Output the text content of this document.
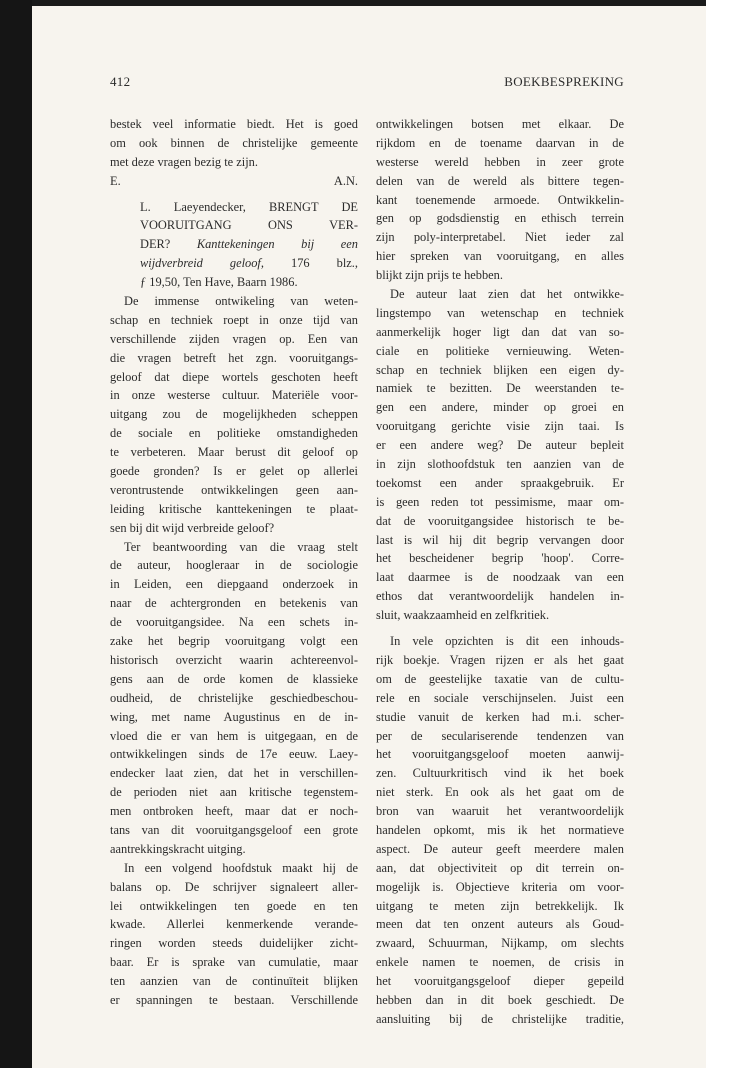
412	BOEKBESPREKING
bestek veel informatie biedt. Het is goed
om ook binnen de christelijke gemeente
met deze vragen bezig te zijn.
E.	A.N.
L. Laeyendecker, BRENGT DE
VOORUITGANG ONS VER-
DER? Kanttekeningen bij een
wijdverbreid geloof, 176 blz.,
ƒ 19,50, Ten Have, Baarn 1986.
De immense ontwikeling van weten-
schap en techniek roept in onze tijd van
verschillende zijden vragen op. Een van
die vragen betreft het zgn. vooruitgangs-
geloof dat diepe wortels geschoten heeft
in onze westerse cultuur. Materiële voor-
uitgang zou de mogelijkheden scheppen
de sociale en politieke omstandigheden
te verbeteren. Maar berust dit geloof op
goede gronden? Is er gelet op allerlei
verontrustende ontwikkelingen geen aan-
leiding kritische kanttekeningen te plaat-
sen bij dit wijd verbreide geloof?
Ter beantwoording van die vraag stelt
de auteur, hoogleraar in de sociologie
in Leiden, een diepgaand onderzoek in
naar de achtergronden en betekenis van
de vooruitgangsidee. Na een schets in-
zake het begrip vooruitgang volgt een
historisch overzicht waarin achtereenvol-
gens aan de orde komen de klassieke
oudheid, de christelijke geschiedbeschou-
wing, met name Augustinus en de in-
vloed die er van hem is uitgegaan, en de
ontwikkelingen sinds de 17e eeuw. Laey-
endecker laat zien, dat het in verschillen-
de perioden niet aan kritische tegenstem-
men ontbroken heeft, maar dat er noch-
tans van dit vooruitgangsgeloof een grote
aantrekkingskracht uitging.
In een volgend hoofdstuk maakt hij de
balans op. De schrijver signaleert aller-
lei ontwikkelingen ten goede en ten
kwade. Allerlei kenmerkende verande-
ringen worden steeds duidelijker zicht-
baar. Er is sprake van cumulatie, maar
ten aanzien van de continuïteit blijken
er spanningen te bestaan. Verschillende
ontwikkelingen botsen met elkaar. De
rijkdom en de toename daarvan in de
westerse wereld hebben in zeer grote
delen van de wereld als bittere tegen-
kant toenemende armoede. Ontwikkelin-
gen op godsdienstig en ethisch terrein
zijn poly-interpretabel. Niet ieder zal
hier spreken van vooruitgang, en alles
blijkt zijn prijs te hebben.
De auteur laat zien dat het ontwikke-
lingstempo van wetenschap en techniek
aanmerkelijk hoger ligt dan dat van so-
ciale en politieke vernieuwing. Weten-
schap en techniek blijken een eigen dy-
namiek te bezitten. De weerstanden te-
gen een andere, minder op groei en
vooruitgang gerichte visie zijn taai. Is
er een andere weg? De auteur bepleit
in zijn slothoofdstuk ten aanzien van de
toekomst een ander spraakgebruik. Er
is geen reden tot pessimisme, maar om-
dat de vooruitgangsidee historisch te be-
last is wil hij dit begrip vervangen door
het bescheidener begrip 'hoop'. Corre-
laat daarmee is de noodzaak van een
ethos dat verantwoordelijk handelen in-
sluit, waakzaamheid en zelfkritiek.
In vele opzichten is dit een inhouds-
rijk boekje. Vragen rijzen er als het gaat
om de geestelijke taxatie van de cultu-
rele en sociale verschijnselen. Juist een
studie vanuit de kerken had m.i. scher-
per de seculariserende tendenzen van
het vooruitgangsgeloof moeten aanwij-
zen. Cultuurkritisch vind ik het boek
niet sterk. En ook als het gaat om de
bron van waaruit het verantwoordelijk
handelen opkomt, mis ik het normatieve
aspect. De auteur geeft meerdere malen
aan, dat objectiviteit op dit terrein on-
mogelijk is. Objectieve kriteria om voor-
uitgang te meten zijn betrekkelijk. Ik
meen dat ten onzent auteurs als Goud-
zwaard, Schuurman, Nijkamp, om slechts
enkele namen te noemen, de crisis in
het vooruitgangsgeloof dieper gepeild
hebben dan in dit boek geschiedt. De
aansluiting bij de christelijke traditie,
